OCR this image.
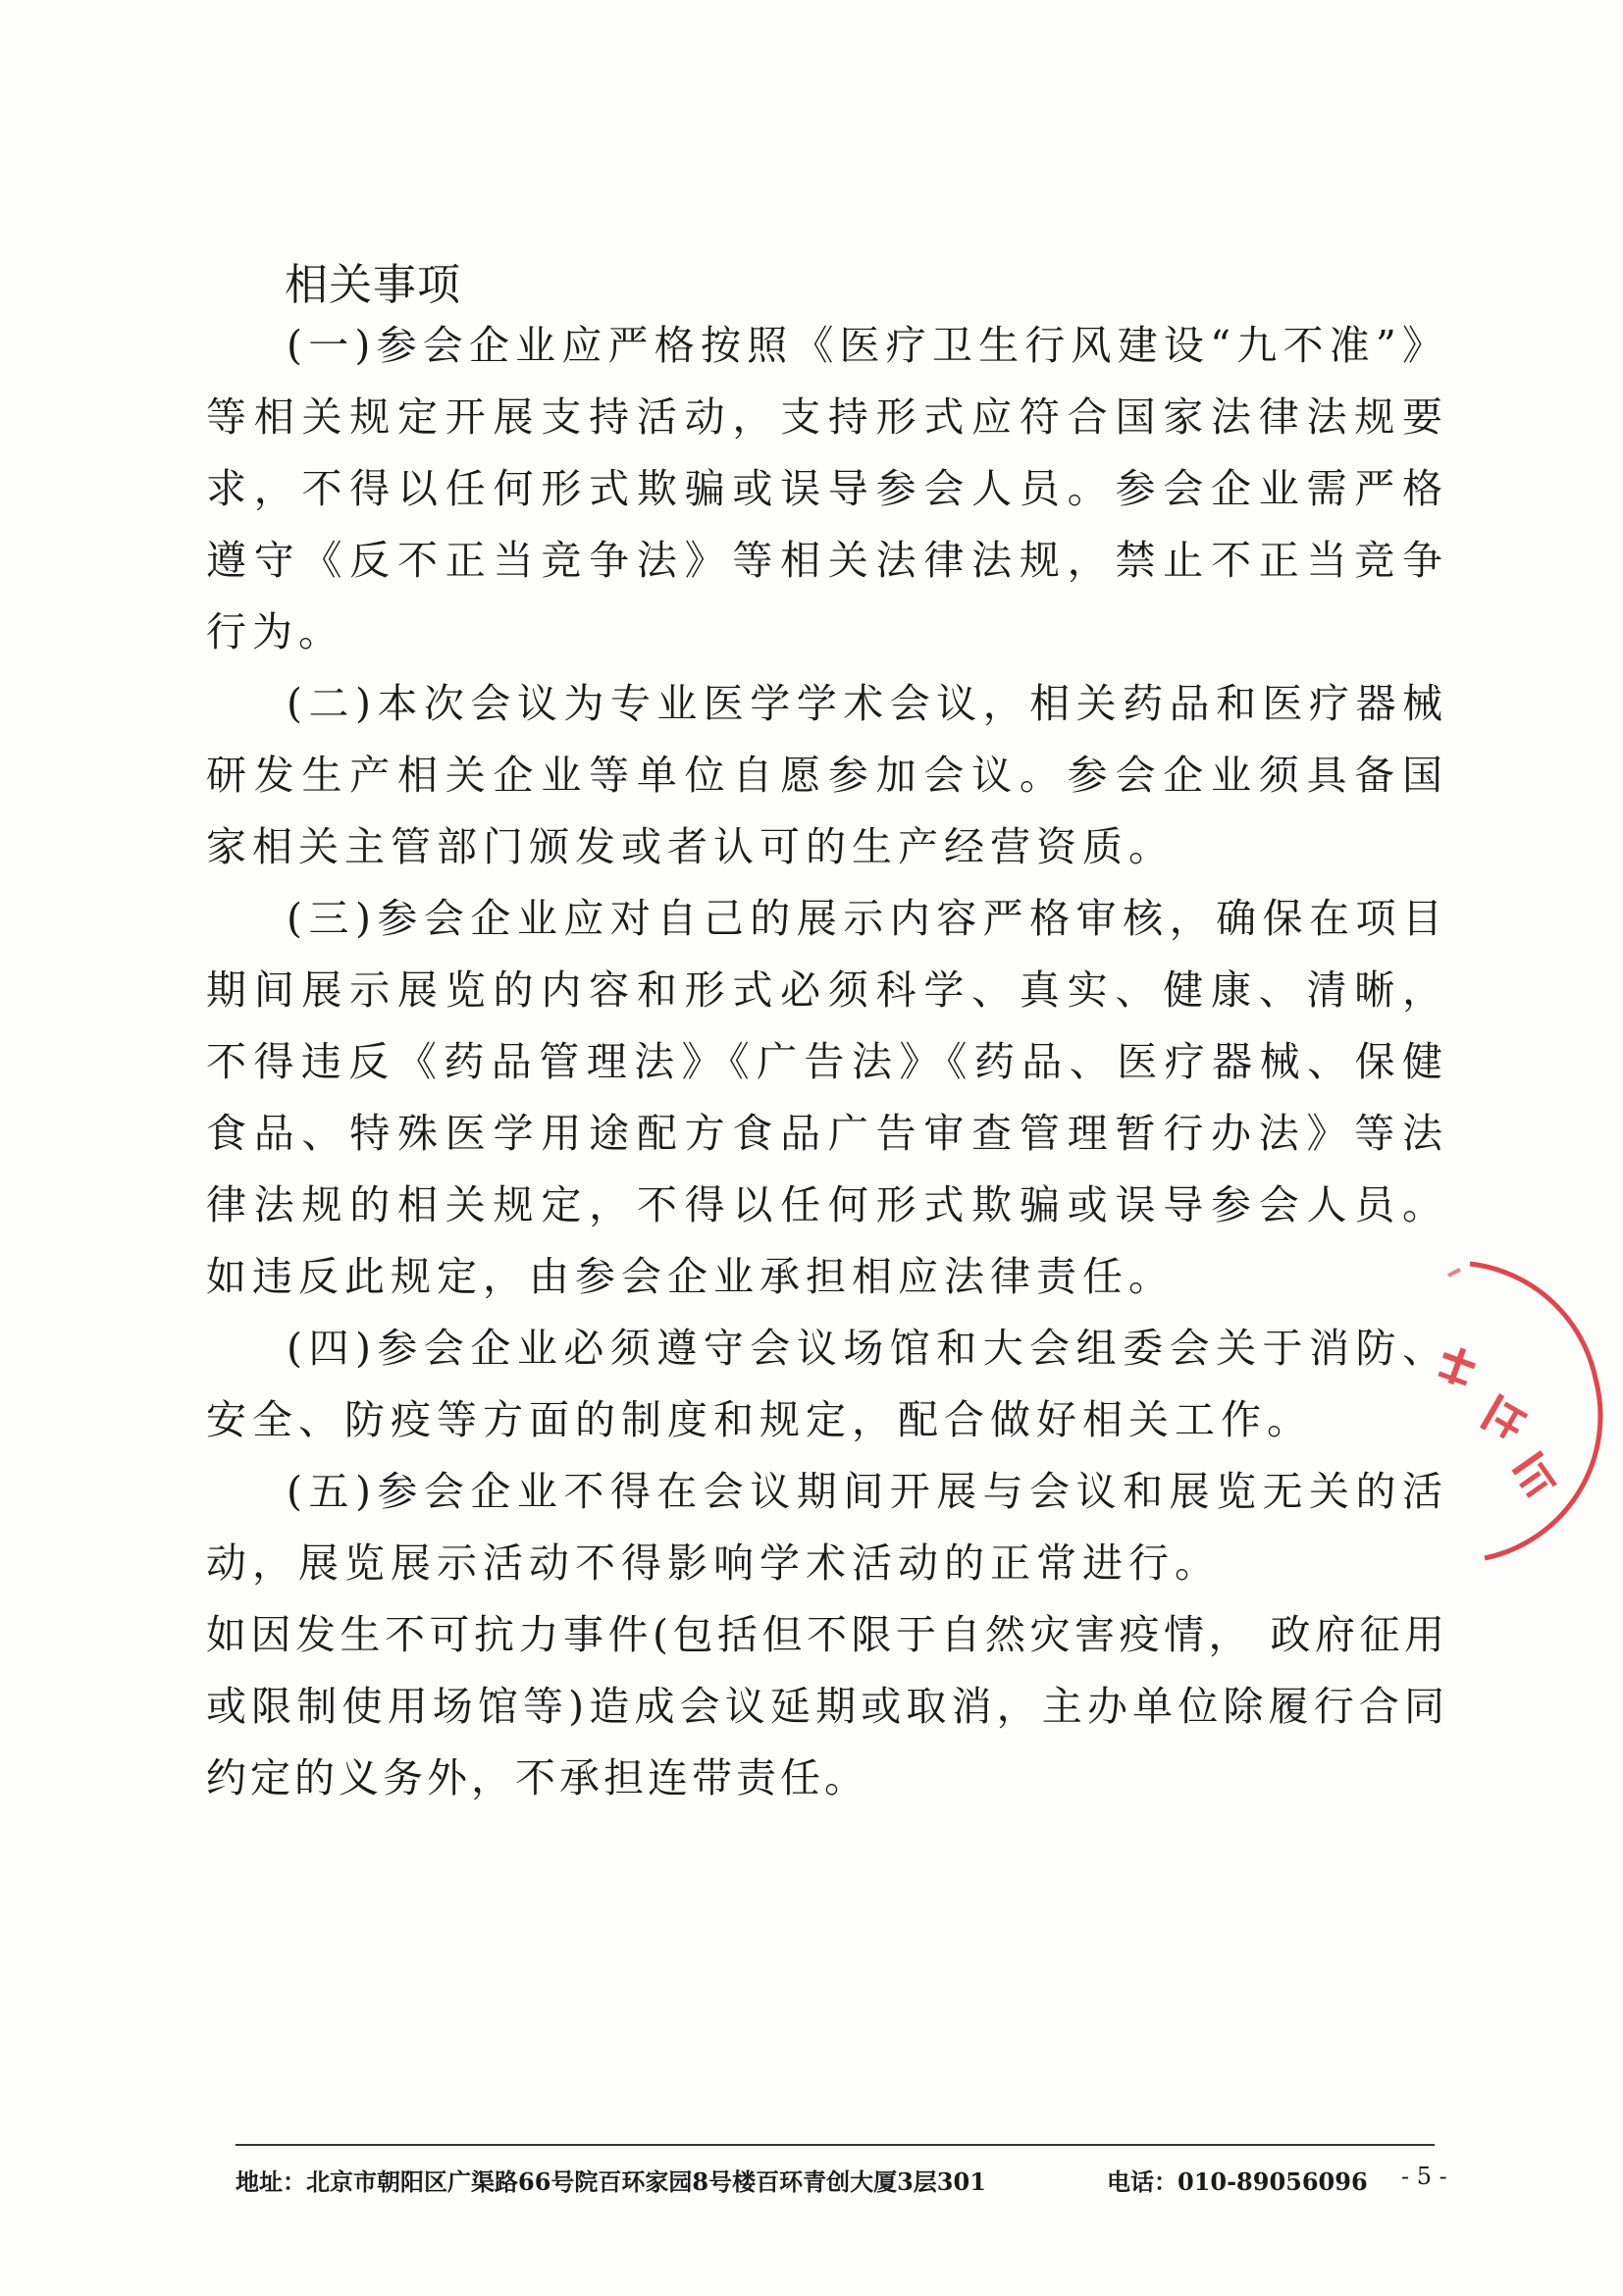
相关事项

(一)参会企业应严格按照《医疗卫生行风建设“九不准”》等相关规定开展支持活动，支持形式应符合国家法律法规要求，不得以任何形式欺骗或误导参会人员。参会企业需严格遵守《反不正当竞争法》等相关法律法规，禁止不正当竞争行为。

(二)本次会议为专业医学学术会议，相关药品和医疗器械研发生产相关企业等单位自愿参加会议。参会企业须具备国家相关主管部门颁发或者认可的生产经营资质。

(三)参会企业应对自己的展示内容严格审核，确保在项目期间展示展览的内容和形式必须科学、真实、健康、清晰，不得违反《药品管理法》《广告法》《药品、医疗器械、保健食品、特殊医学用途配方食品广告审查管理暂行办法》等法律法规的相关规定，不得以任何形式欺骗或误导参会人员。如违反此规定，由参会企业承担相应法律责任。

(四)参会企业必须遵守会议场馆和大会组委会关于消防、安全、防疫等方面的制度和规定，配合做好相关工作。

(五)参会企业不得在会议期间开展与会议和展览无关的活动，展览展示活动不得影响学术活动的正常进行。

如因发生不可抗力事件(包括但不限于自然灾害疫情， 政府征用或限制使用场馆等)造成会议延期或取消，主办单位除履行合同约定的义务外，不承担连带责任。

地址：北京市朝阳区广渠路66号院百环家园8号楼百环青创大厦3层301	电话：010-89056096 - 5 -
